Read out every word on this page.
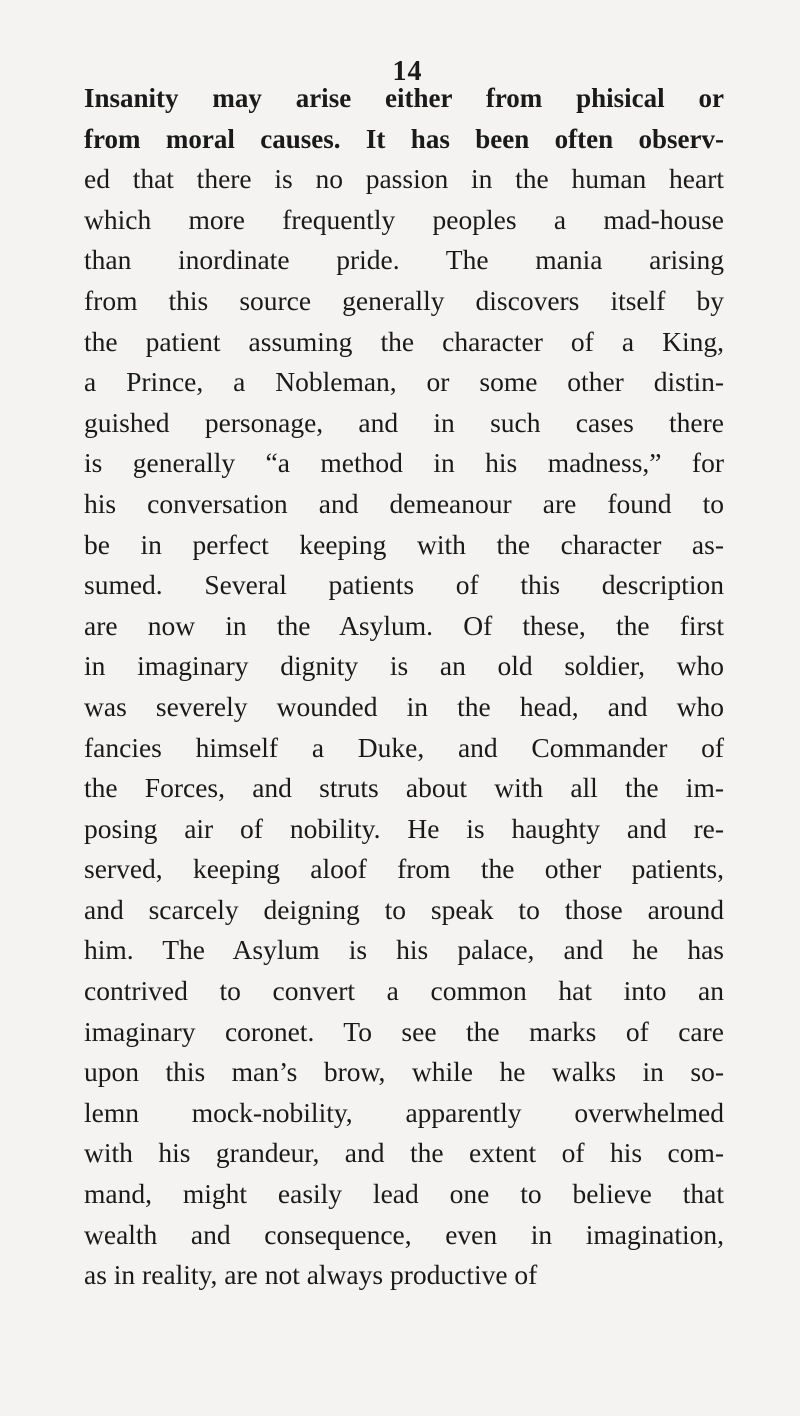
14
Insanity may arise either from phisical or
from moral causes. It has been often observ-
ed that there is no passion in the human heart
which more frequently peoples a mad-house
than inordinate pride. The mania arising
from this source generally discovers itself by
the patient assuming the character of a King,
a Prince, a Nobleman, or some other distin-
guished personage, and in such cases there
is generally “a method in his madness,” for
his conversation and demeanour are found to
be in perfect keeping with the character as-
sumed. Several patients of this description
are now in the Asylum. Of these, the first
in imaginary dignity is an old soldier, who
was severely wounded in the head, and who
fancies himself a Duke, and Commander of
the Forces, and struts about with all the im-
posing air of nobility. He is haughty and re-
served, keeping aloof from the other patients,
and scarcely deigning to speak to those around
him. The Asylum is his palace, and he has
contrived to convert a common hat into an
imaginary coronet. To see the marks of care
upon this man’s brow, while he walks in so-
lemn mock-nobility, apparently overwhelmed
with his grandeur, and the extent of his com-
mand, might easily lead one to believe that
wealth and consequence, even in imagination,
as in reality, are not always productive of
